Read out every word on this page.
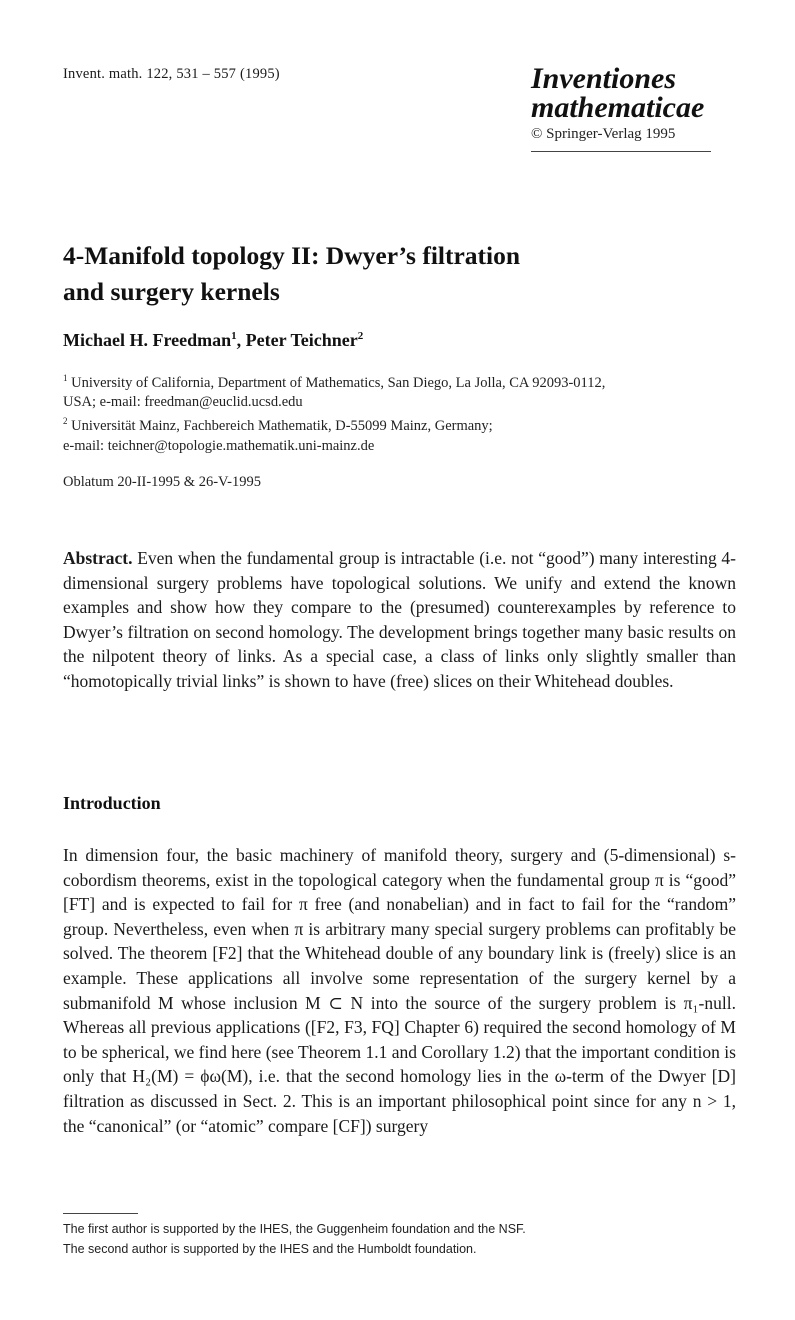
Invent. math. 122, 531 – 557 (1995)	Inventiones
mathematicae
© Springer-Verlag 1995
4-Manifold topology II: Dwyer’s filtration
and surgery kernels
Michael H. Freedman$^1$, Peter Teichner$^2$
$^1$ University of California, Department of Mathematics, San Diego, La Jolla, CA 92093-0112,
USA; e-mail: freedman@euclid.ucsd.edu
$^2$ Universität Mainz, Fachbereich Mathematik, D-55099 Mainz, Germany;
e-mail: teichner@topologie.mathematik.uni-mainz.de
Oblatum 20-II-1995 & 26-V-1995
Abstract. Even when the fundamental group is intractable (i.e. not “good”) many interesting 4-dimensional surgery problems have topological solutions. We unify and extend the known examples and show how they compare to the (presumed) counterexamples by reference to Dwyer’s filtration on second homology. The development brings together many basic results on the nilpotent theory of links. As a special case, a class of links only slightly smaller than “homotopically trivial links” is shown to have (free) slices on their Whitehead doubles.
Introduction
In dimension four, the basic machinery of manifold theory, surgery and (5-dimensional) s-cobordism theorems, exist in the topological category when the fundamental group π is “good” [FT] and is expected to fail for π free (and nonabelian) and in fact to fail for the “random” group. Nevertheless, even when π is arbitrary many special surgery problems can profitably be solved. The theorem [F2] that the Whitehead double of any boundary link is (freely) slice is an example. These applications all involve some representation of the surgery kernel by a submanifold M whose inclusion M ⊂ N into the source of the surgery problem is π₁-null. Whereas all previous applications ([F2, F3, FQ] Chapter 6) required the second homology of M to be spherical, we find here (see Theorem 1.1 and Corollary 1.2) that the important condition is only that H₂(M) = ϕω(M), i.e. that the second homology lies in the ω-term of the Dwyer [D] filtration as discussed in Sect. 2. This is an important philosophical point since for any n > 1, the “canonical” (or “atomic” compare [CF]) surgery
The first author is supported by the IHES, the Guggenheim foundation and the NSF.
The second author is supported by the IHES and the Humboldt foundation.
